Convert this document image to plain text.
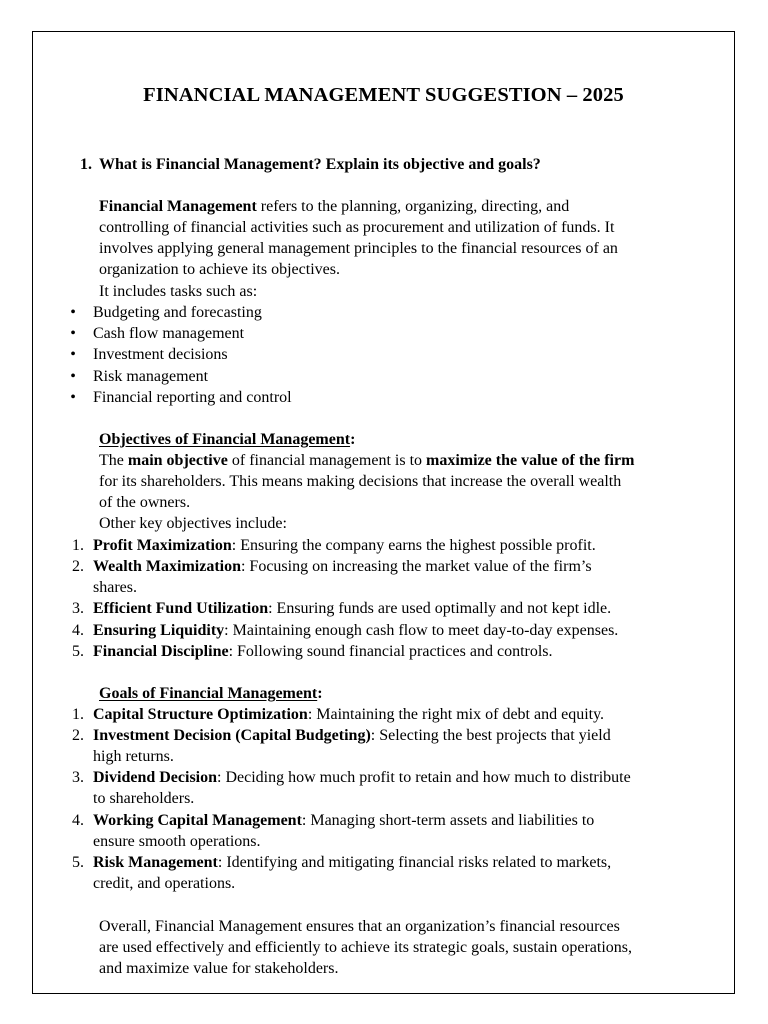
FINANCIAL MANAGEMENT SUGGESTION – 2025
1. What is Financial Management? Explain its objective and goals?
Financial Management refers to the planning, organizing, directing, and
controlling of financial activities such as procurement and utilization of funds. It
involves applying general management principles to the financial resources of an
organization to achieve its objectives.
It includes tasks such as:
• Budgeting and forecasting
• Cash flow management
• Investment decisions
• Risk management
• Financial reporting and control
Objectives of Financial Management:
The main objective of financial management is to maximize the value of the firm
for its shareholders. This means making decisions that increase the overall wealth
of the owners.
Other key objectives include:
1. Profit Maximization: Ensuring the company earns the highest possible profit.
2. Wealth Maximization: Focusing on increasing the market value of the firm’s
shares.
3. Efficient Fund Utilization: Ensuring funds are used optimally and not kept idle.
4. Ensuring Liquidity: Maintaining enough cash flow to meet day-to-day expenses.
5. Financial Discipline: Following sound financial practices and controls.
Goals of Financial Management:
1. Capital Structure Optimization: Maintaining the right mix of debt and equity.
2. Investment Decision (Capital Budgeting): Selecting the best projects that yield
high returns.
3. Dividend Decision: Deciding how much profit to retain and how much to distribute
to shareholders.
4. Working Capital Management: Managing short-term assets and liabilities to
ensure smooth operations.
5. Risk Management: Identifying and mitigating financial risks related to markets,
credit, and operations.
Overall, Financial Management ensures that an organization’s financial resources
are used effectively and efficiently to achieve its strategic goals, sustain operations,
and maximize value for stakeholders.
